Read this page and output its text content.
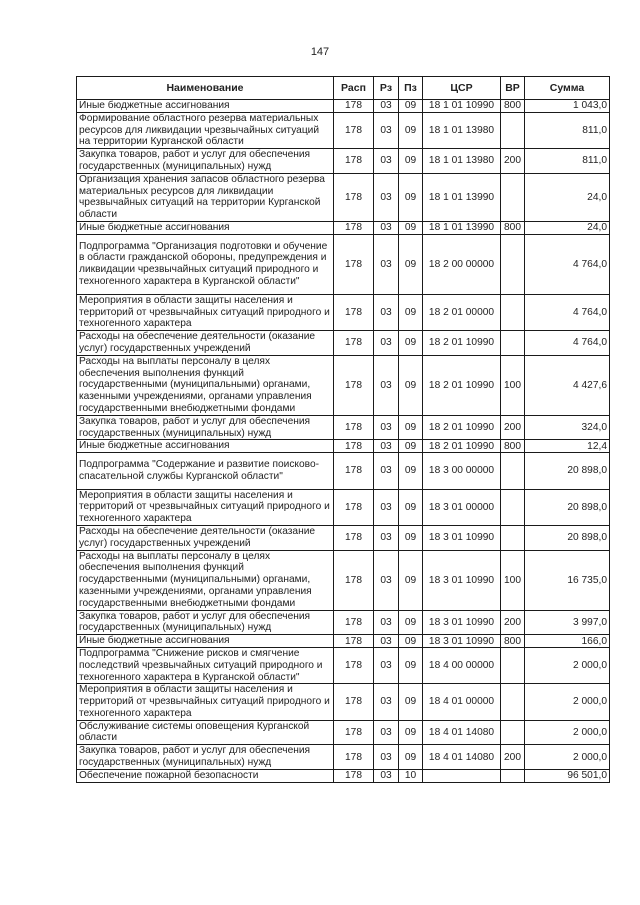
147
Наименование	Расп	Рз	Пз	ЦСР	ВР	Сумма
Иные бюджетные ассигнования	178	03	09	18 1 01 10990	800	1 043,0
Формирование областного резерва материальных ресурсов для ликвидации чрезвычайных ситуаций на территории Курганской области	178	03	09	18 1 01 13980		811,0
Закупка товаров, работ и услуг для обеспечения государственных (муниципальных) нужд	178	03	09	18 1 01 13980	200	811,0
Организация хранения запасов областного резерва материальных ресурсов для ликвидации чрезвычайных ситуаций на территории Курганской области	178	03	09	18 1 01 13990		24,0
Иные бюджетные ассигнования	178	03	09	18 1 01 13990	800	24,0
Подпрограмма "Организация подготовки и обучение в области гражданской обороны, предупреждения и ликвидации чрезвычайных ситуаций природного и техногенного характера в Курганской области"	178	03	09	18 2 00 00000		4 764,0
Мероприятия в области защиты населения и территорий от чрезвычайных ситуаций природного и техногенного характера	178	03	09	18 2 01 00000		4 764,0
Расходы на обеспечение деятельности (оказание услуг) государственных учреждений	178	03	09	18 2 01 10990		4 764,0
Расходы на выплаты персоналу в целях обеспечения выполнения функций государственными (муниципальными) органами, казенными учреждениями, органами управления государственными внебюджетными фондами	178	03	09	18 2 01 10990	100	4 427,6
Закупка товаров, работ и услуг для обеспечения государственных (муниципальных) нужд	178	03	09	18 2 01 10990	200	324,0
Иные бюджетные ассигнования	178	03	09	18 2 01 10990	800	12,4
Подпрограмма "Содержание и развитие поисково-спасательной службы Курганской области"	178	03	09	18 3 00 00000		20 898,0
Мероприятия в области защиты населения и территорий от чрезвычайных ситуаций природного и техногенного характера	178	03	09	18 3 01 00000		20 898,0
Расходы на обеспечение деятельности (оказание услуг) государственных учреждений	178	03	09	18 3 01 10990		20 898,0
Расходы на выплаты персоналу в целях обеспечения выполнения функций государственными (муниципальными) органами, казенными учреждениями, органами управления государственными внебюджетными фондами	178	03	09	18 3 01 10990	100	16 735,0
Закупка товаров, работ и услуг для обеспечения государственных (муниципальных) нужд	178	03	09	18 3 01 10990	200	3 997,0
Иные бюджетные ассигнования	178	03	09	18 3 01 10990	800	166,0
Подпрограмма "Снижение рисков и смягчение последствий чрезвычайных ситуаций природного и техногенного характера в Курганской области"	178	03	09	18 4 00 00000		2 000,0
Мероприятия в области защиты населения и территорий от чрезвычайных ситуаций природного и техногенного характера	178	03	09	18 4 01 00000		2 000,0
Обслуживание системы оповещения Курганской области	178	03	09	18 4 01 14080		2 000,0
Закупка товаров, работ и услуг для обеспечения государственных (муниципальных) нужд	178	03	09	18 4 01 14080	200	2 000,0
Обеспечение пожарной безопасности	178	03	10			96 501,0
